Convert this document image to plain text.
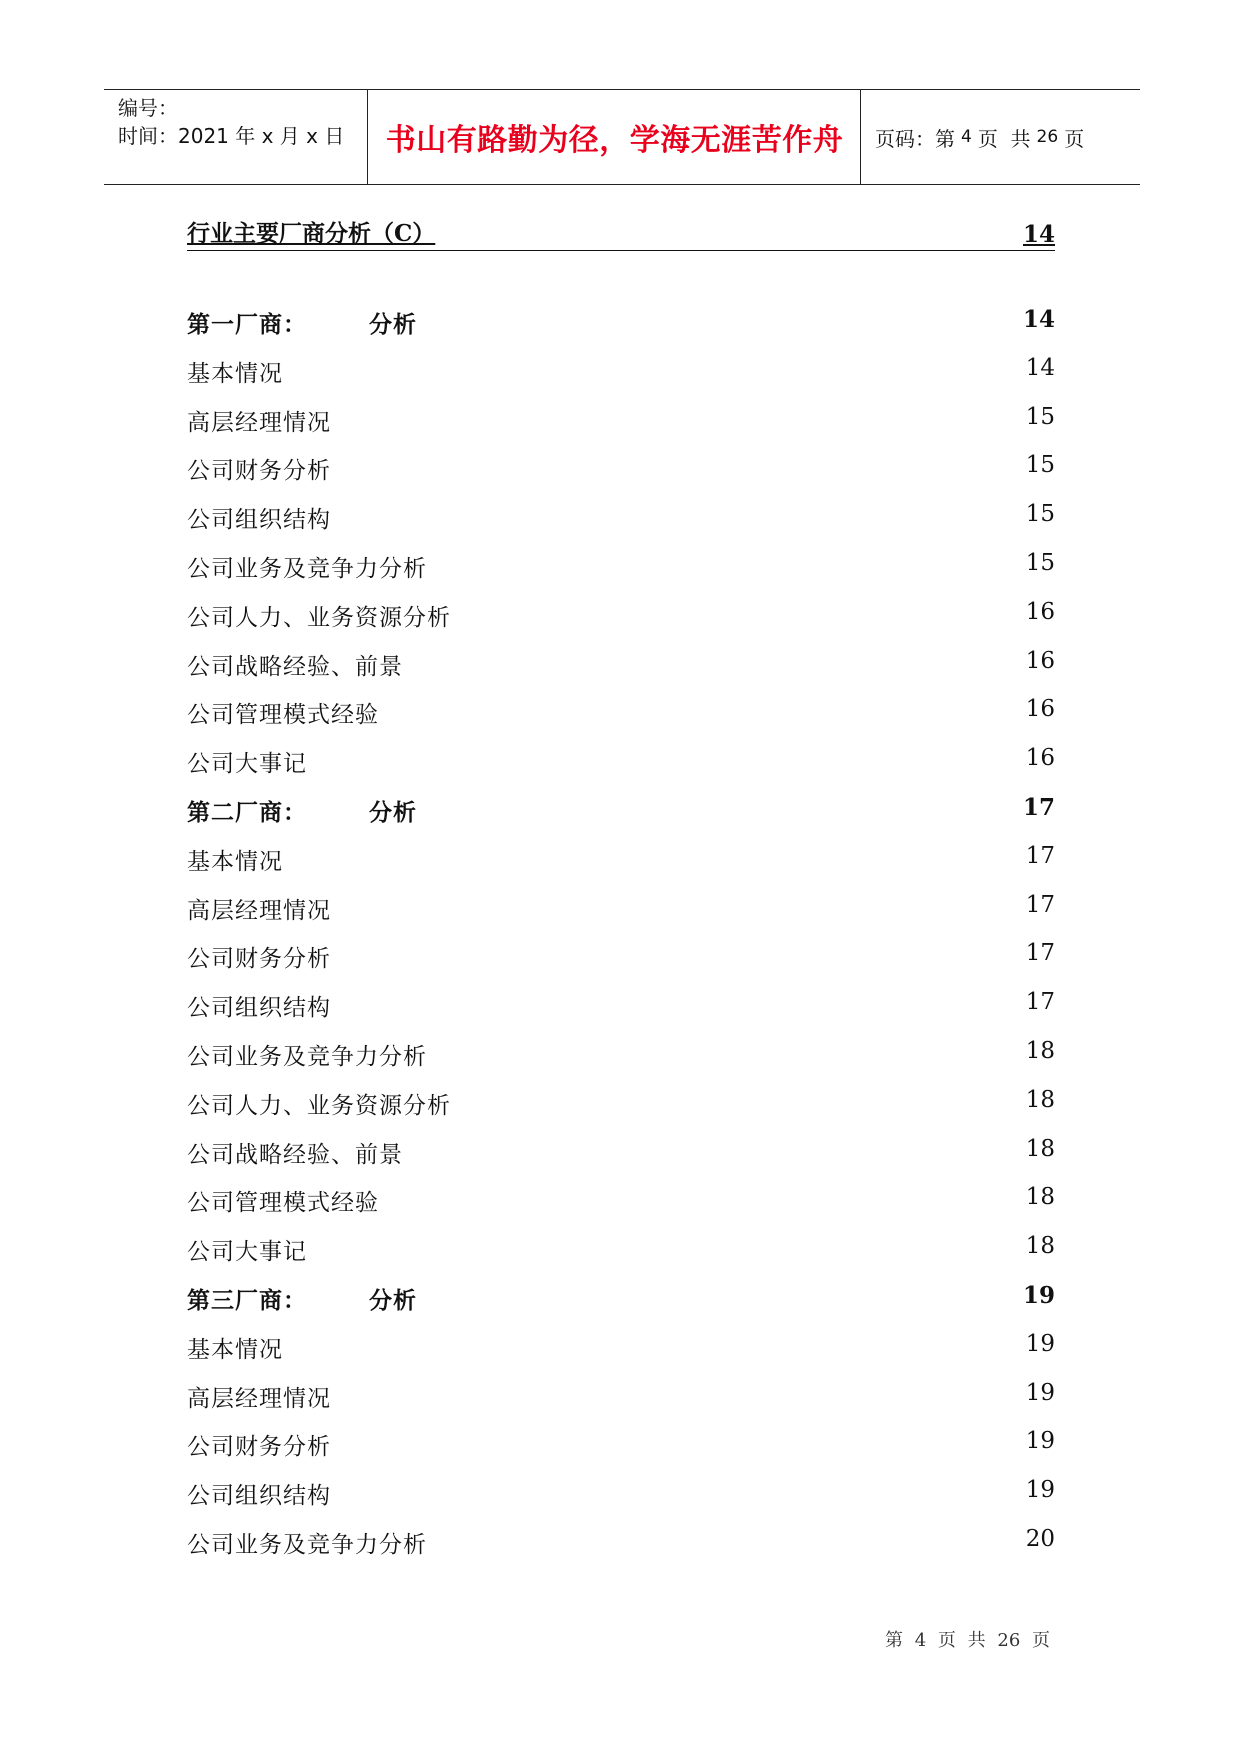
编号：
时间：2021 年 x 月 x 日	书山有路勤为径，学海无涯苦作舟 页码：第 4 页  共 26 页
行业主要厂商分析（C）	14
第一厂商：	分析	14
基本情况	14
高层经理情况	15
公司财务分析	15
公司组织结构	15
公司业务及竞争力分析	15
公司人力、业务资源分析	16
公司战略经验、前景	16
公司管理模式经验	16
公司大事记	16
第二厂商：	分析	17
基本情况	17
高层经理情况	17
公司财务分析	17
公司组织结构	17
公司业务及竞争力分析	18
公司人力、业务资源分析	18
公司战略经验、前景	18
公司管理模式经验	18
公司大事记	18
第三厂商：	分析	19
基本情况	19
高层经理情况	19
公司财务分析	19
公司组织结构	19
公司业务及竞争力分析	20
第 4 页 共 26 页
